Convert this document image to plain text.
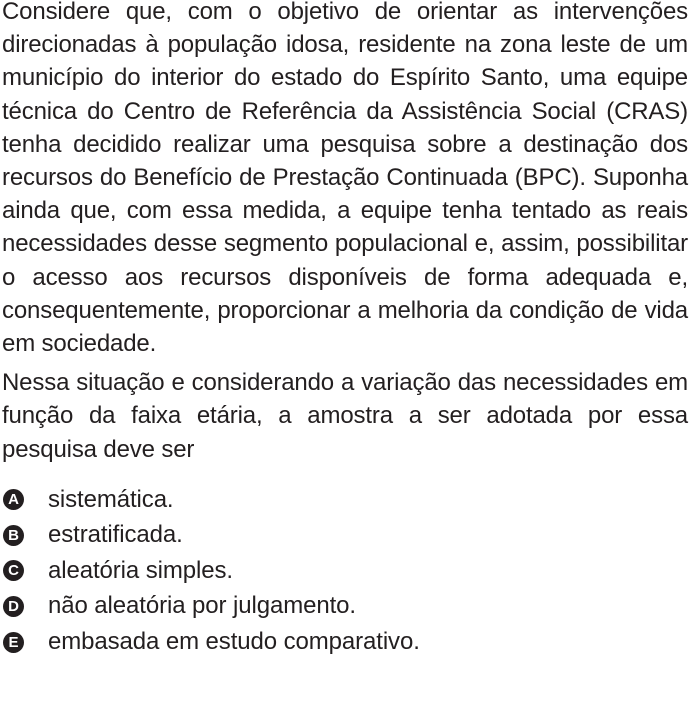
Considere que, com o objetivo de orientar as intervenções direcionadas à população idosa, residente na zona leste de um município do interior do estado do Espírito Santo, uma equipe técnica do Centro de Referência da Assistência Social (CRAS) tenha decidido realizar uma pesquisa sobre a destinação dos recursos do Benefício de Prestação Continuada (BPC). Suponha ainda que, com essa medida, a equipe tenha tentado as reais necessidades desse segmento populacional e, assim, possibilitar o acesso aos recursos disponíveis de forma adequada e, consequentemente, proporcionar a melhoria da condição de vida em sociedade.

Nessa situação e considerando a variação das necessidades em função da faixa etária, a amostra a ser adotada por essa pesquisa deve ser

A sistemática.
B estratificada.
C aleatória simples.
D não aleatória por julgamento.
E embasada em estudo comparativo.
